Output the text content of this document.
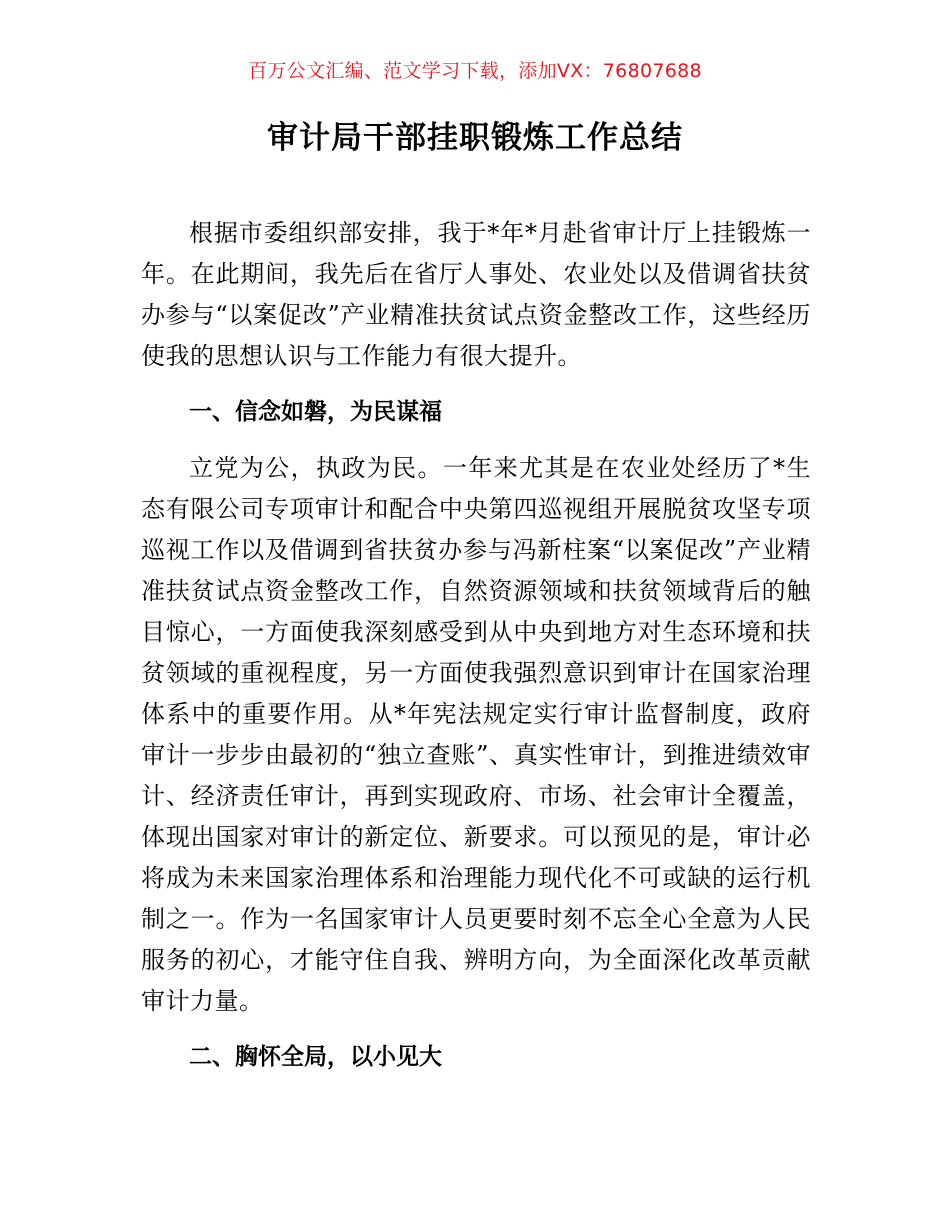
百万公文汇编、范文学习下载，添加VX：76807688
审计局干部挂职锻炼工作总结

根据市委组织部安排，我于*年*月赴省审计厅上挂锻炼一年。在此期间，我先后在省厅人事处、农业处以及借调省扶贫办参与“以案促改”产业精准扶贫试点资金整改工作，这些经历使我的思想认识与工作能力有很大提升。

一、信念如磐，为民谋福

立党为公，执政为民。一年来尤其是在农业处经历了*生态有限公司专项审计和配合中央第四巡视组开展脱贫攻坚专项巡视工作以及借调到省扶贫办参与冯新柱案“以案促改”产业精准扶贫试点资金整改工作，自然资源领域和扶贫领域背后的触目惊心，一方面使我深刻感受到从中央到地方对生态环境和扶贫领域的重视程度，另一方面使我强烈意识到审计在国家治理体系中的重要作用。从*年宪法规定实行审计监督制度，政府审计一步步由最初的“独立查账”、真实性审计，到推进绩效审计、经济责任审计，再到实现政府、市场、社会审计全覆盖，体现出国家对审计的新定位、新要求。可以预见的是，审计必将成为未来国家治理体系和治理能力现代化不可或缺的运行机制之一。作为一名国家审计人员更要时刻不忘全心全意为人民服务的初心，才能守住自我、辨明方向，为全面深化改革贡献审计力量。

二、胸怀全局，以小见大
